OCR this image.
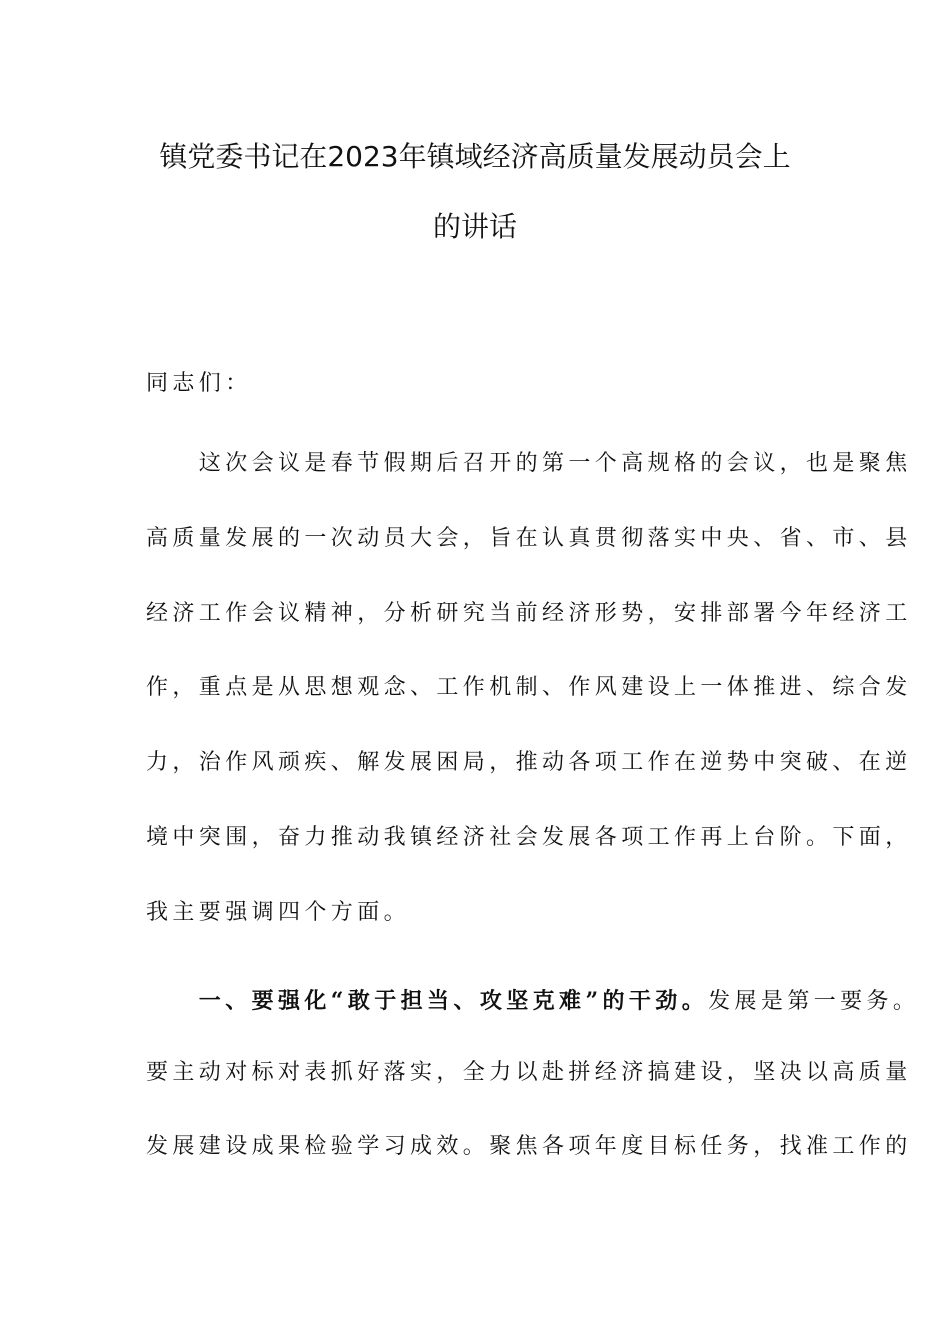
镇党委书记在2023年镇域经济高质量发展动员会上
的讲话
同志们：
　　这次会议是春节假期后召开的第一个高规格的会议，也是聚焦
高质量发展的一次动员大会，旨在认真贯彻落实中央、省、市、县
经济工作会议精神，分析研究当前经济形势，安排部署今年经济工
作，重点是从思想观念、工作机制、作风建设上一体推进、综合发
力，治作风顽疾、解发展困局，推动各项工作在逆势中突破、在逆
境中突围，奋力推动我镇经济社会发展各项工作再上台阶。下面，
我主要强调四个方面。
　　一、要强化“敢于担当、攻坚克难”的干劲。发展是第一要务。
要主动对标对表抓好落实，全力以赴拼经济搞建设，坚决以高质量
发展建设成果检验学习成效。聚焦各项年度目标任务，找准工作的
